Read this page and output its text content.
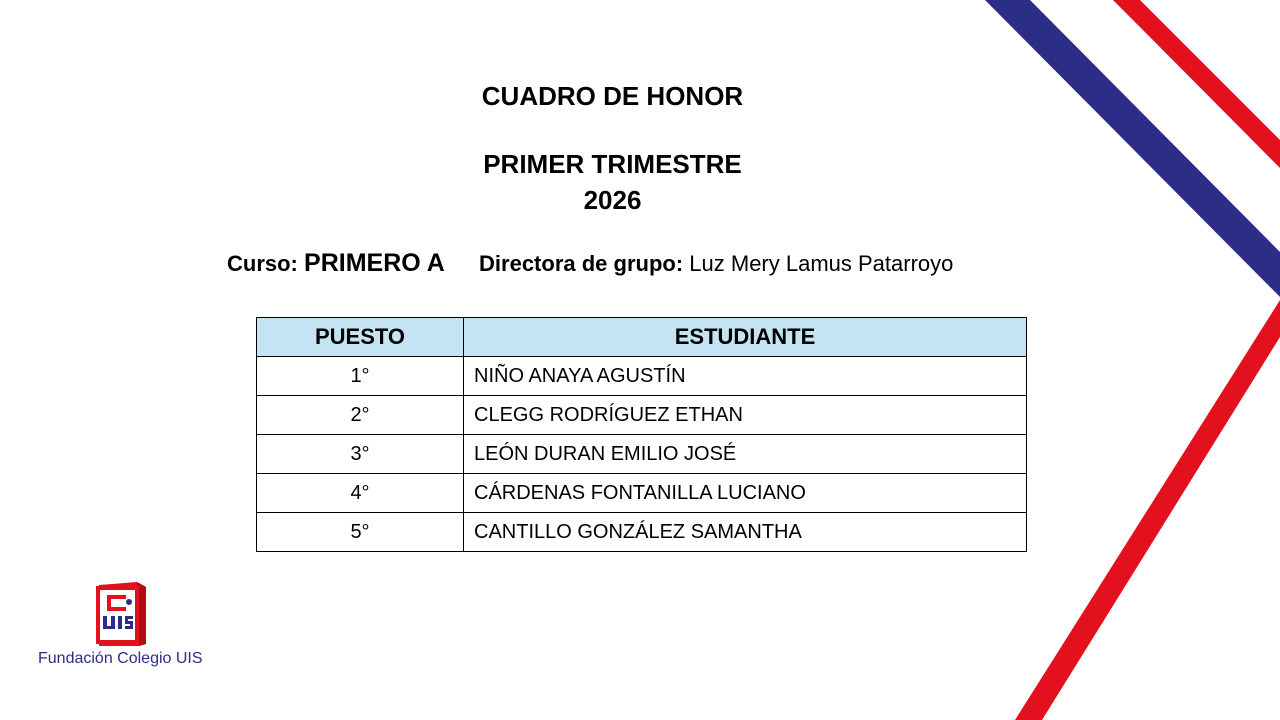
CUADRO DE HONOR
PRIMER TRIMESTRE
2026
Curso: PRIMERO A Directora de grupo: Luz Mery Lamus Patarroyo
PUESTO	ESTUDIANTE
1°	NIÑO ANAYA AGUSTÍN
2°	CLEGG RODRÍGUEZ ETHAN
3°	LEÓN DURAN EMILIO JOSÉ
4°	CÁRDENAS FONTANILLA LUCIANO
5°	CANTILLO GONZÁLEZ SAMANTHA
Fundación Colegio UIS
